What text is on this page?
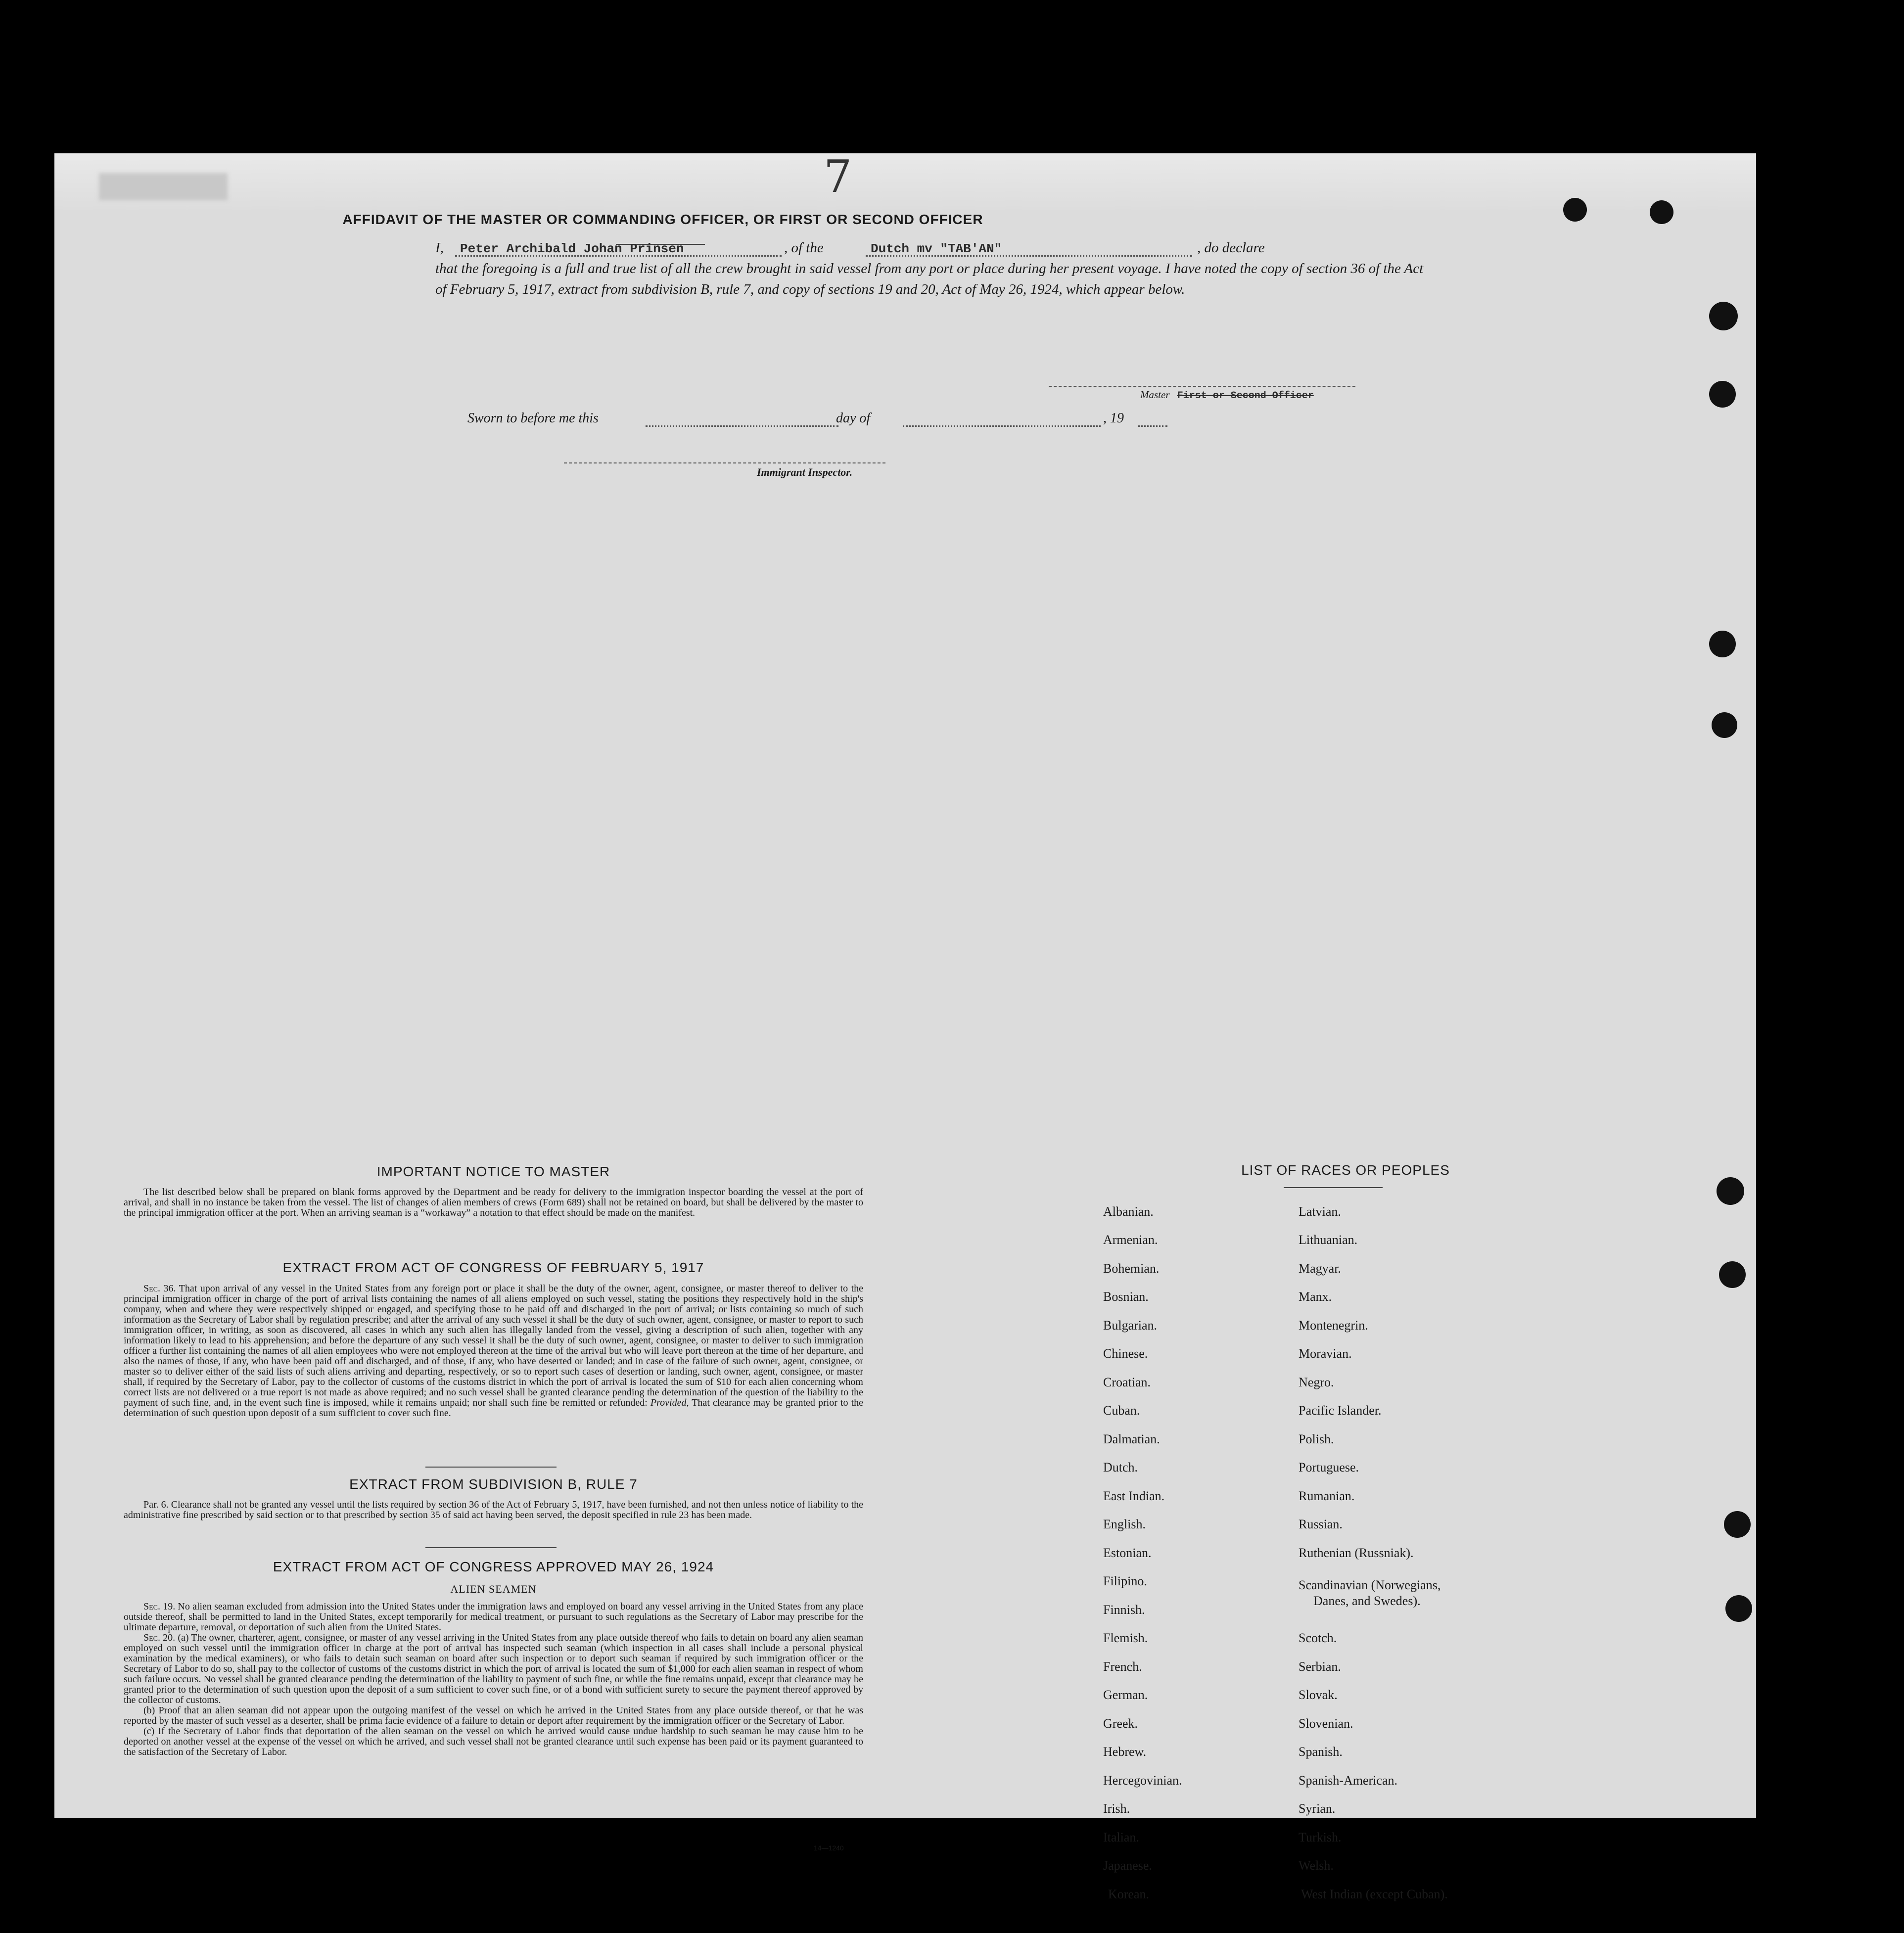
7
AFFIDAVIT OF THE MASTER OR COMMANDING OFFICER, OR FIRST OR SECOND OFFICER
I, Peter Archibald Johan Prinsen	, of the	Dutch mv "TAB'AN"	, do declare
that the foregoing is a full and true list of all the crew brought in said vessel from any port or place during her present voyage. I have noted the copy of section 36 of the Act of February 5, 1917, extract from subdivision B, rule 7, and copy of sections 19 and 20, Act of May 26, 1924, which appear below.
Master First or Second Officer
Sworn to before me this	day of	, 19
Immigrant Inspector.
IMPORTANT NOTICE TO MASTER
The list described below shall be prepared on blank forms approved by the Department and be ready for delivery to the immigration inspector boarding the vessel at the port of arrival, and shall in no instance be taken from the vessel. The list of changes of alien members of crews (Form 689) shall not be retained on board, but shall be delivered by the master to the principal immigration officer at the port. When an arriving seaman is a “workaway” a notation to that effect should be made on the manifest.
EXTRACT FROM ACT OF CONGRESS OF FEBRUARY 5, 1917
Sec. 36. That upon arrival of any vessel in the United States from any foreign port or place it shall be the duty of the owner, agent, consignee, or master thereof to deliver to the principal immigration officer in charge of the port of arrival lists containing the names of all aliens employed on such vessel, stating the positions they respectively hold in the ship's company, when and where they were respectively shipped or engaged, and specifying those to be paid off and discharged in the port of arrival; or lists containing so much of such information as the Secretary of Labor shall by regulation prescribe; and after the arrival of any such vessel it shall be the duty of such owner, agent, consignee, or master to report to such immigration officer, in writing, as soon as discovered, all cases in which any such alien has illegally landed from the vessel, giving a description of such alien, together with any information likely to lead to his apprehension; and before the departure of any such vessel it shall be the duty of such owner, agent, consignee, or master to deliver to such immigration officer a further list containing the names of all alien employees who were not employed thereon at the time of the arrival but who will leave port thereon at the time of her departure, and also the names of those, if any, who have been paid off and discharged, and of those, if any, who have deserted or landed; and in case of the failure of such owner, agent, consignee, or master so to deliver either of the said lists of such aliens arriving and departing, respectively, or so to report such cases of desertion or landing, such owner, agent, consignee, or master shall, if required by the Secretary of Labor, pay to the collector of customs of the customs district in which the port of arrival is located the sum of $10 for each alien concerning whom correct lists are not delivered or a true report is not made as above required; and no such vessel shall be granted clearance pending the determination of the question of the liability to the payment of such fine, and, in the event such fine is imposed, while it remains unpaid; nor shall such fine be remitted or refunded: Provided, That clearance may be granted prior to the determination of such question upon deposit of a sum sufficient to cover such fine.
EXTRACT FROM SUBDIVISION B, RULE 7
Par. 6. Clearance shall not be granted any vessel until the lists required by section 36 of the Act of February 5, 1917, have been furnished, and not then unless notice of liability to the administrative fine prescribed by said section or to that prescribed by section 35 of said act having been served, the deposit specified in rule 23 has been made.
EXTRACT FROM ACT OF CONGRESS APPROVED MAY 26, 1924
ALIEN SEAMEN
Sec. 19. No alien seaman excluded from admission into the United States under the immigration laws and employed on board any vessel arriving in the United States from any place outside thereof, shall be permitted to land in the United States, except temporarily for medical treatment, or pursuant to such regulations as the Secretary of Labor may prescribe for the ultimate departure, removal, or deportation of such alien from the United States.
Sec. 20. (a) The owner, charterer, agent, consignee, or master of any vessel arriving in the United States from any place outside thereof who fails to detain on board any alien seaman employed on such vessel until the immigration officer in charge at the port of arrival has inspected such seaman (which inspection in all cases shall include a personal physical examination by the medical examiners), or who fails to detain such seaman on board after such inspection or to deport such seaman if required by such immigration officer or the Secretary of Labor to do so, shall pay to the collector of customs of the customs district in which the port of arrival is located the sum of $1,000 for each alien seaman in respect of whom such failure occurs. No vessel shall be granted clearance pending the determination of the liability to payment of such fine, or while the fine remains unpaid, except that clearance may be granted prior to the determination of such question upon the deposit of a sum sufficient to cover such fine, or of a bond with sufficient surety to secure the payment thereof approved by the collector of customs.
(b) Proof that an alien seaman did not appear upon the outgoing manifest of the vessel on which he arrived in the United States from any place outside thereof, or that he was reported by the master of such vessel as a deserter, shall be prima facie evidence of a failure to detain or deport after requirement by the immigration officer or the Secretary of Labor.
(c) If the Secretary of Labor finds that deportation of the alien seaman on the vessel on which he arrived would cause undue hardship to such seaman he may cause him to be deported on another vessel at the expense of the vessel on which he arrived, and such vessel shall not be granted clearance until such expense has been paid or its payment guaranteed to the satisfaction of the Secretary of Labor.
14—1240
LIST OF RACES OR PEOPLES
Albanian.
Armenian.
Bohemian.
Bosnian.
Bulgarian.
Chinese.
Croatian.
Cuban.
Dalmatian.
Dutch.
East Indian.
English.
Estonian.
Filipino.
Finnish.
Flemish.
French.
German.
Greek.
Hebrew.
Hercegovinian.
Irish.
Italian.
Japanese.
Korean.
Latvian.
Lithuanian.
Magyar.
Manx.
Montenegrin.
Moravian.
Negro.
Pacific Islander.
Polish.
Portuguese.
Rumanian.
Russian.
Ruthenian (Russniak).
Scandinavian (Norwegians,
Danes, and Swedes).
Scotch.
Serbian.
Slovak.
Slovenian.
Spanish.
Spanish-American.
Syrian.
Turkish.
Welsh.
West Indian (except Cuban).
